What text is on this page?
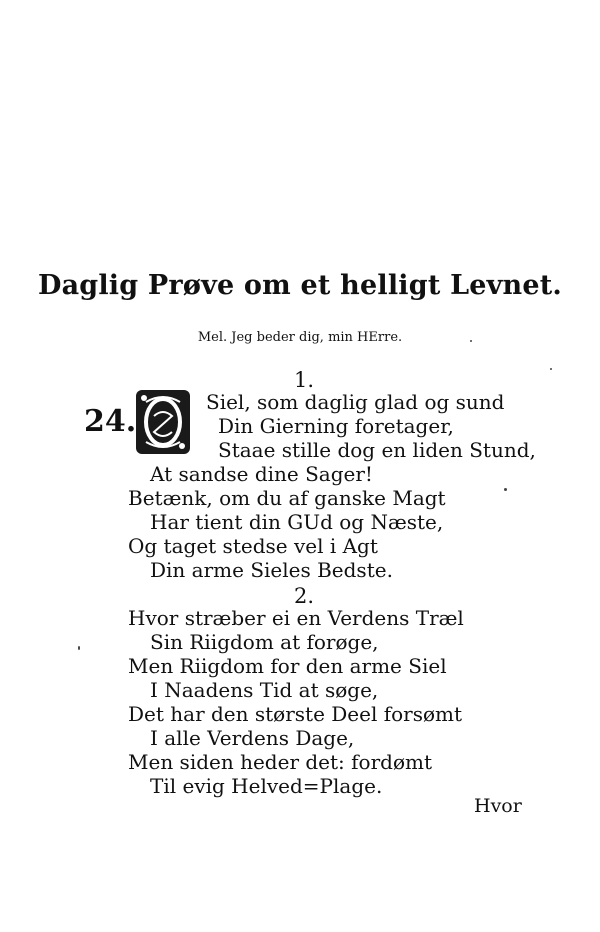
Daglig Prøve om et helligt Levnet.
Mel. Jeg beder dig, min HErre.
1.
24.
Siel, som daglig glad og sund
Din Gierning foretager,
Staae stille dog en liden Stund,
At sandse dine Sager!
Betænk, om du af ganske Magt
Har tient din GUd og Næste,
Og taget stedse vel i Agt
Din arme Sieles Bedste.
2.
Hvor stræber ei en Verdens Træl
Sin Riigdom at forøge,
Men Riigdom for den arme Siel
I Naadens Tid at søge,
Det har den største Deel forsømt
I alle Verdens Dage,
Men siden heder det: fordømt
Til evig Helved=Plage.
Hvor
